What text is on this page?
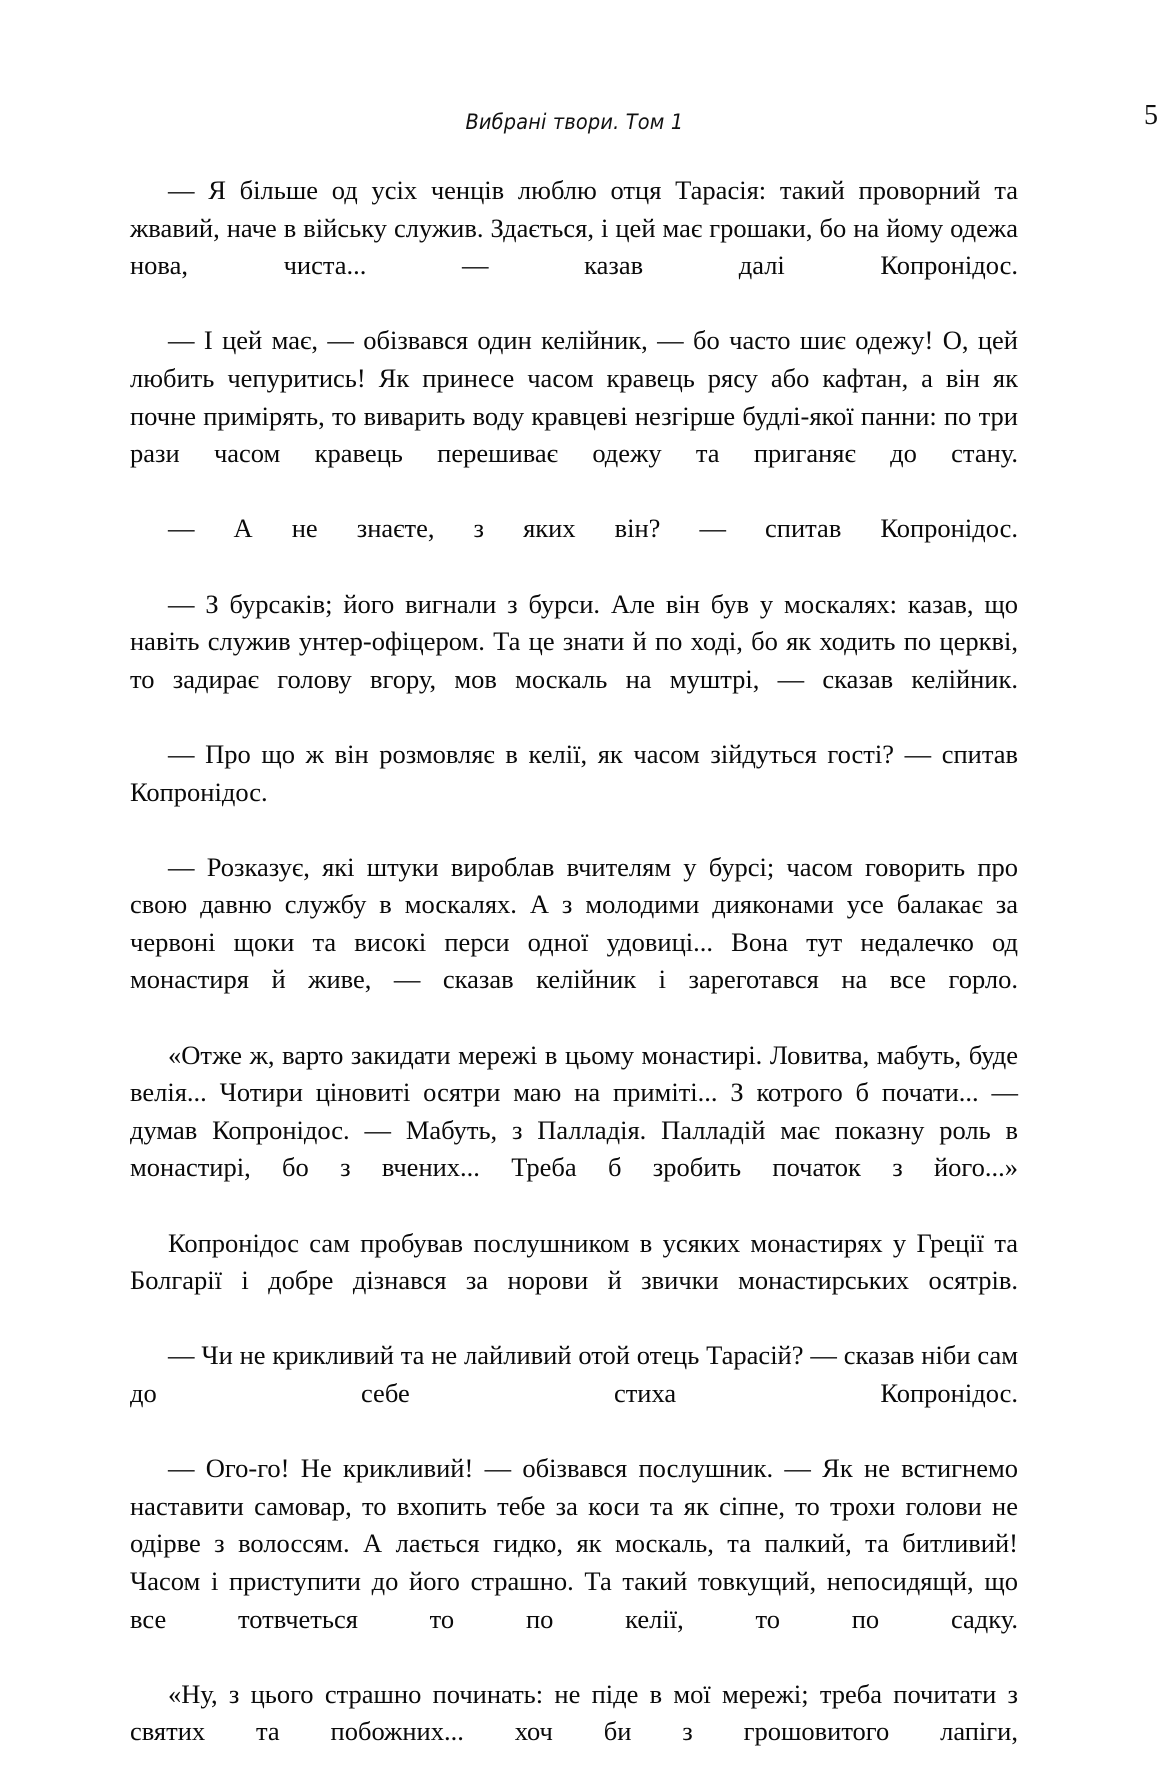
Вибрані твори. Том 1	5

— Я більше од усіх ченців люблю отця Тарасія: такий проворний та жвавий, наче в війську служив. Здається, і цей має грошаки, бо на йому одежа нова, чиста... — казав далі Копронідос.

— І цей має, — обізвався один келійник, — бо часто шиє одежу! О, цей любить чепуритись! Як принесе часом кравець рясу або кафтан, а він як почне примірять, то виварить воду кравцеві незгірше будлі-якої панни: по три рази часом кравець перешиває одежу та приганяє до стану.

— А не знаєте, з яких він? — спитав Копронідос.

— З бурсаків; його вигнали з бурси. Але він був у москалях: казав, що навіть служив унтер-офіцером. Та це знати й по ході, бо як ходить по церкві, то задирає голову вгору, мов москаль на муштрі, — сказав келійник.

— Про що ж він розмовляє в келії, як часом зійдуться гості? — спитав Копронідос.

— Розказує, які штуки вироблав вчителям у бурсі; часом говорить про свою давню службу в москалях. А з молодими дияконами усе балакає за червоні щоки та високі перси одної удовиці... Вона тут недалечко од монастиря й живе, — сказав келійник і зареготався на все горло.

«Отже ж, варто закидати мережі в цьому монастирі. Ловитва, мабуть, буде велія... Чотири ціновиті осятри маю на приміті... З котрого б почати... — думав Копронідос. — Мабуть, з Палладія. Палладій має показну роль в монастирі, бо з вчених... Треба б зробить початок з його...»

Копронідос сам пробував послушником в усяких монастирях у Греції та Болгарії і добре дізнався за норови й звички монастирських осятрів.

— Чи не крикливий та не лайливий отой отець Тарасій? — сказав ніби сам до себе стиха Копронідос.

— Ого-го! Не крикливий! — обізвався послушник. — Як не встигнемо наставити самовар, то вхопить тебе за коси та як сіпне, то трохи голови не одірве з волоссям. А лається гидко, як москаль, та палкий, та битливий! Часом і приступити до його страшно. Та такий товкущий, непосидящй, що все тотвчеться то по келії, то по садку.

«Ну, з цього страшно починать: не піде в мої мережі; треба почитати з святих та побожних... хоч би з грошовитого лапіги,
